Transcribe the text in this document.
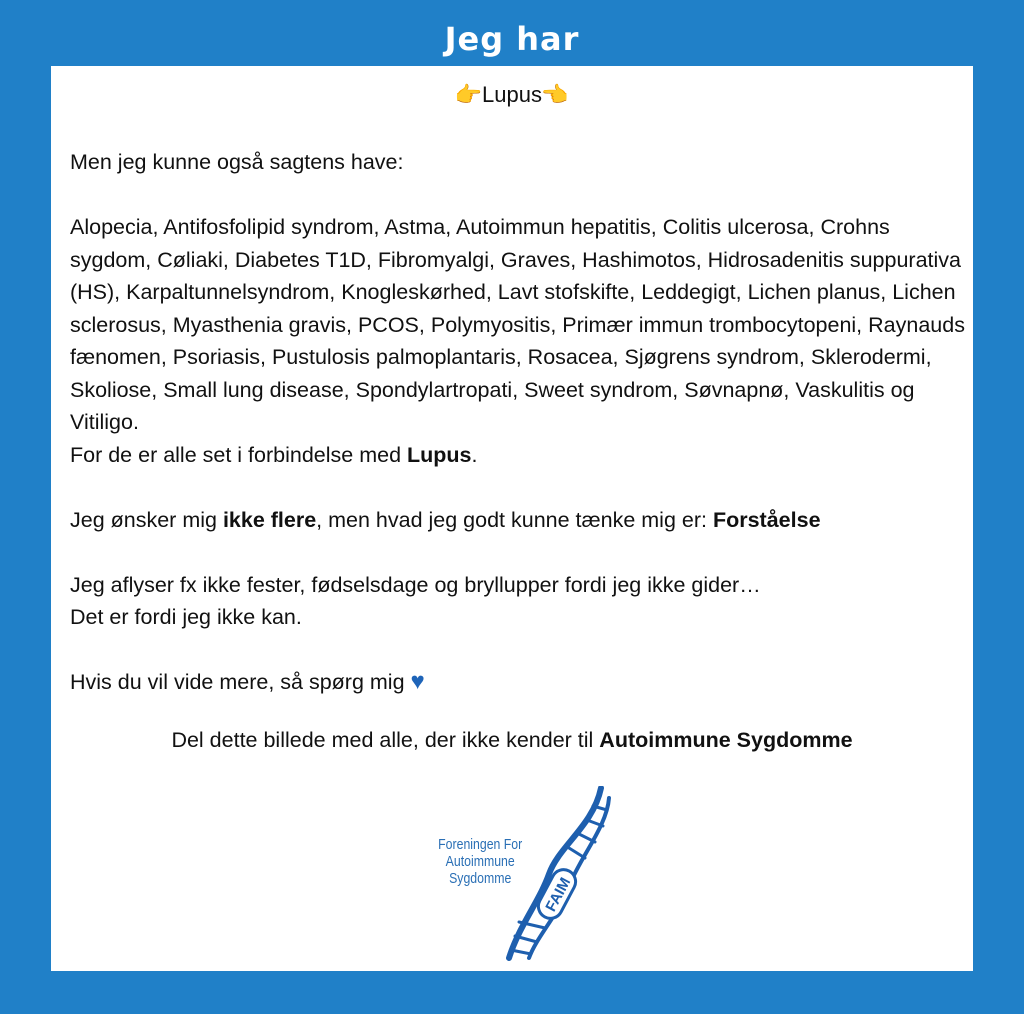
Jeg har
👉Lupus👉

Men jeg kunne også sagtens have:

Alopecia, Antifosfolipid syndrom, Astma, Autoimmun hepatitis, Colitis ulcerosa, Crohns sygdom, Cøliaki, Diabetes T1D, Fibromyalgi, Graves, Hashimotos, Hidrosadenitis suppurativa (HS), Karpaltunnelsyndrom, Knogleskørhed, Lavt stofskifte, Leddegigt, Lichen planus, Lichen sclerosus, Myasthenia gravis, PCOS, Polymyositis, Primær immun trombocytopeni, Raynauds fænomen, Psoriasis, Pustulosis palmoplantaris, Rosacea, Sjøgrens syndrom, Sklerodermi, Skoliose, Small lung disease, Spondylartropati, Sweet syndrom, Søvnapnø, Vaskulitis og Vitiligo.
For de er alle set i forbindelse med Lupus.

Jeg ønsker mig ikke flere, men hvad jeg godt kunne tænke mig er: Forståelse

Jeg aflyser fx ikke fester, fødselsdage og bryllupper fordi jeg ikke gider…

Det er fordi jeg ikke kan.

Hvis du vil vide mere, så spørg mig ♥

Del dette billede med alle, der ikke kender til Autoimmune Sygdomme
Foreningen For
Autoimmune
Sygdomme	FAIM
